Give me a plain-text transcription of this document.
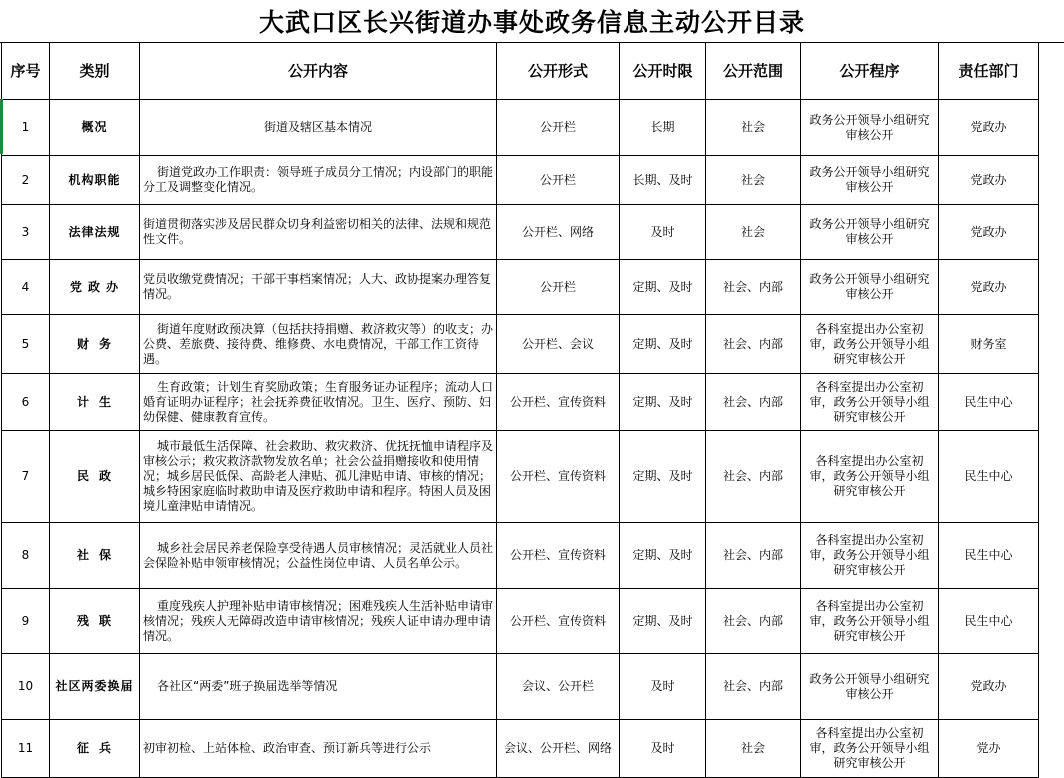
大武口区长兴街道办事处政务信息主动公开目录
序号	类别	公开内容	公开形式	公开时限	公开范围	公开程序	责任部门
1	概况	街道及辖区基本情况	公开栏	长期	社会	政务公开领导小组研究审核公开	党政办
2	机构职能	街道党政办工作职责：领导班子成员分工情况；内设部门的职能分工及调整变化情况。	公开栏	长期、及时	社会	政务公开领导小组研究审核公开	党政办
3	法律法规	街道贯彻落实涉及居民群众切身利益密切相关的法律、法规和规范性文件。	公开栏、网络	及时	社会	政务公开领导小组研究审核公开	党政办
4	党 政 办	党员收缴党费情况；干部干事档案情况；人大、政协提案办理答复情况。	公开栏	定期、及时	社会、内部	政务公开领导小组研究审核公开	党政办
5	财务	街道年度财政预决算（包括扶持捐赠、救济救灾等）的收支；办公费、差旅费、接待费、维修费、水电费情况，干部工作工资待遇。	公开栏、会议	定期、及时	社会、内部	各科室提出办公室初审，政务公开领导小组研究审核公开	财务室
6	计生	生育政策；计划生育奖励政策；生育服务证办证程序；流动人口婚育证明办证程序；社会抚养费征收情况。卫生、医疗、预防、妇幼保健、健康教育宣传。	公开栏、宣传资料	定期、及时	社会、内部	各科室提出办公室初审，政务公开领导小组研究审核公开	民生中心
7	民政	城市最低生活保障、社会救助、救灾救济、优抚抚恤申请程序及审核公示；救灾救济款物发放名单；社会公益捐赠接收和使用情况；城乡居民低保、高龄老人津贴、孤儿津贴申请、审核的情况；城乡特困家庭临时救助申请及医疗救助申请和程序。特困人员及困境儿童津贴申请情况。	公开栏、宣传资料	定期、及时	社会、内部	各科室提出办公室初审，政务公开领导小组研究审核公开	民生中心
8	社保	城乡社会居民养老保险享受待遇人员审核情况；灵活就业人员社会保险补贴申领审核情况；公益性岗位申请、人员名单公示。	公开栏、宣传资料	定期、及时	社会、内部	各科室提出办公室初审，政务公开领导小组研究审核公开	民生中心
9	残联	重度残疾人护理补贴申请审核情况；困难残疾人生活补贴申请审核情况；残疾人无障碍改造申请审核情况；残疾人证申请办理申请情况。	公开栏、宣传资料	定期、及时	社会、内部	各科室提出办公室初审，政务公开领导小组研究审核公开	民生中心
10	社区两委换届	各社区“两委”班子换届选举等情况	会议、公开栏	及时	社会、内部	政务公开领导小组研究审核公开	党政办
11	征兵	初审初检、上站体检、政治审查、预订新兵等进行公示	会议、公开栏、网络	及时	社会	各科室提出办公室初审，政务公开领导小组研究审核公开	党办
